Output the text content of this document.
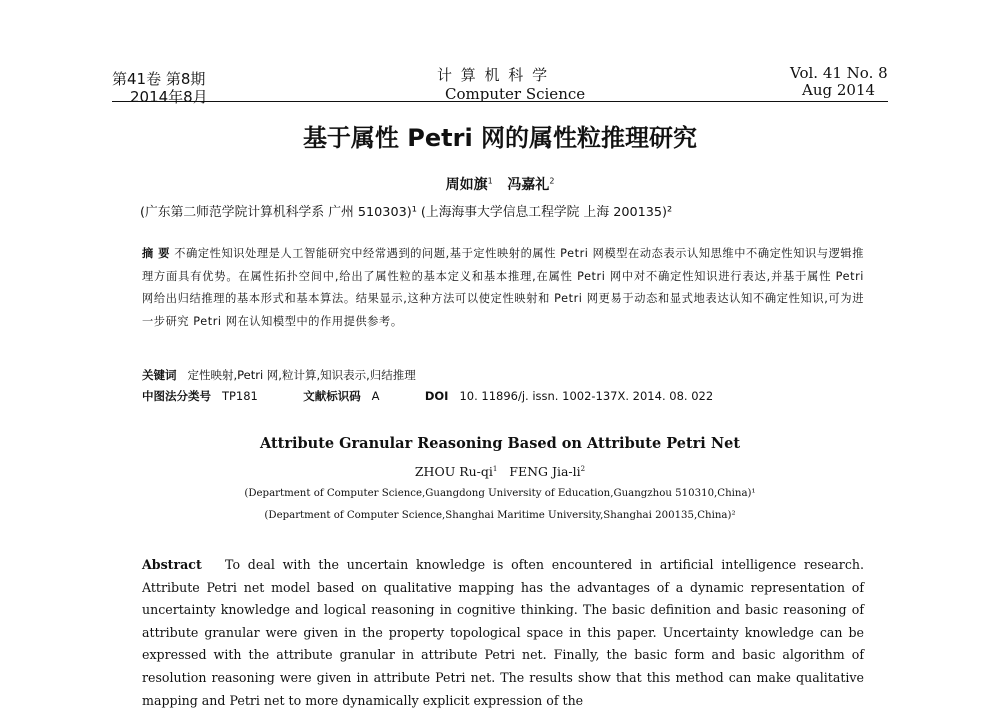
第41卷 第8期
2014年8月
计 算 机 科 学
Computer Science
Vol. 41 No. 8
Aug 2014
基于属性 Petri 网的属性粒推理研究
周如旗$^1$ 冯嘉礼$^2$
(广东第二师范学院计算机科学系 广州 510303)¹ (上海海事大学信息工程学院 上海 200135)²
摘 要 不确定性知识处理是人工智能研究中经常遇到的问题,基于定性映射的属性 Petri 网模型在动态表示认知思维中不确定性知识与逻辑推理方面具有优势。在属性拓扑空间中,给出了属性粒的基本定义和基本推理,在属性 Petri 网中对不确定性知识进行表达,并基于属性 Petri 网给出归结推理的基本形式和基本算法。结果显示,这种方法可以使定性映射和 Petri 网更易于动态和显式地表达认知不确定性知识,可为进一步研究 Petri 网在认知模型中的作用提供参考。
关键词 定性映射,Petri 网,粒计算,知识表示,归结推理
中图法分类号 TP181	文献标识码 A	DOI 10. 11896/j. issn. 1002-137X. 2014. 08. 022
Attribute Granular Reasoning Based on Attribute Petri Net
ZHOU $Ru-qi^1$ FENG Jia-$li^2$
(Department of Computer Science,Guangdong University of Education,Guangzhou 510310,China)¹
(Department of Computer Science,Shanghai Maritime University,Shanghai 200135,China)²
Abstract To deal with the uncertain knowledge is often encountered in artificial intelligence research. Attribute Petri net model based on qualitative mapping has the advantages of a dynamic representation of uncertainty knowledge and logical reasoning in cognitive thinking. The basic definition and basic reasoning of attribute granular were given in the property topological space in this paper. Uncertainty knowledge can be expressed with the attribute granular in attribute Petri net. Finally, the basic form and basic algorithm of resolution reasoning were given in attribute Petri net. The results show that this method can make qualitative mapping and Petri net to more dynamically explicit expression of the
